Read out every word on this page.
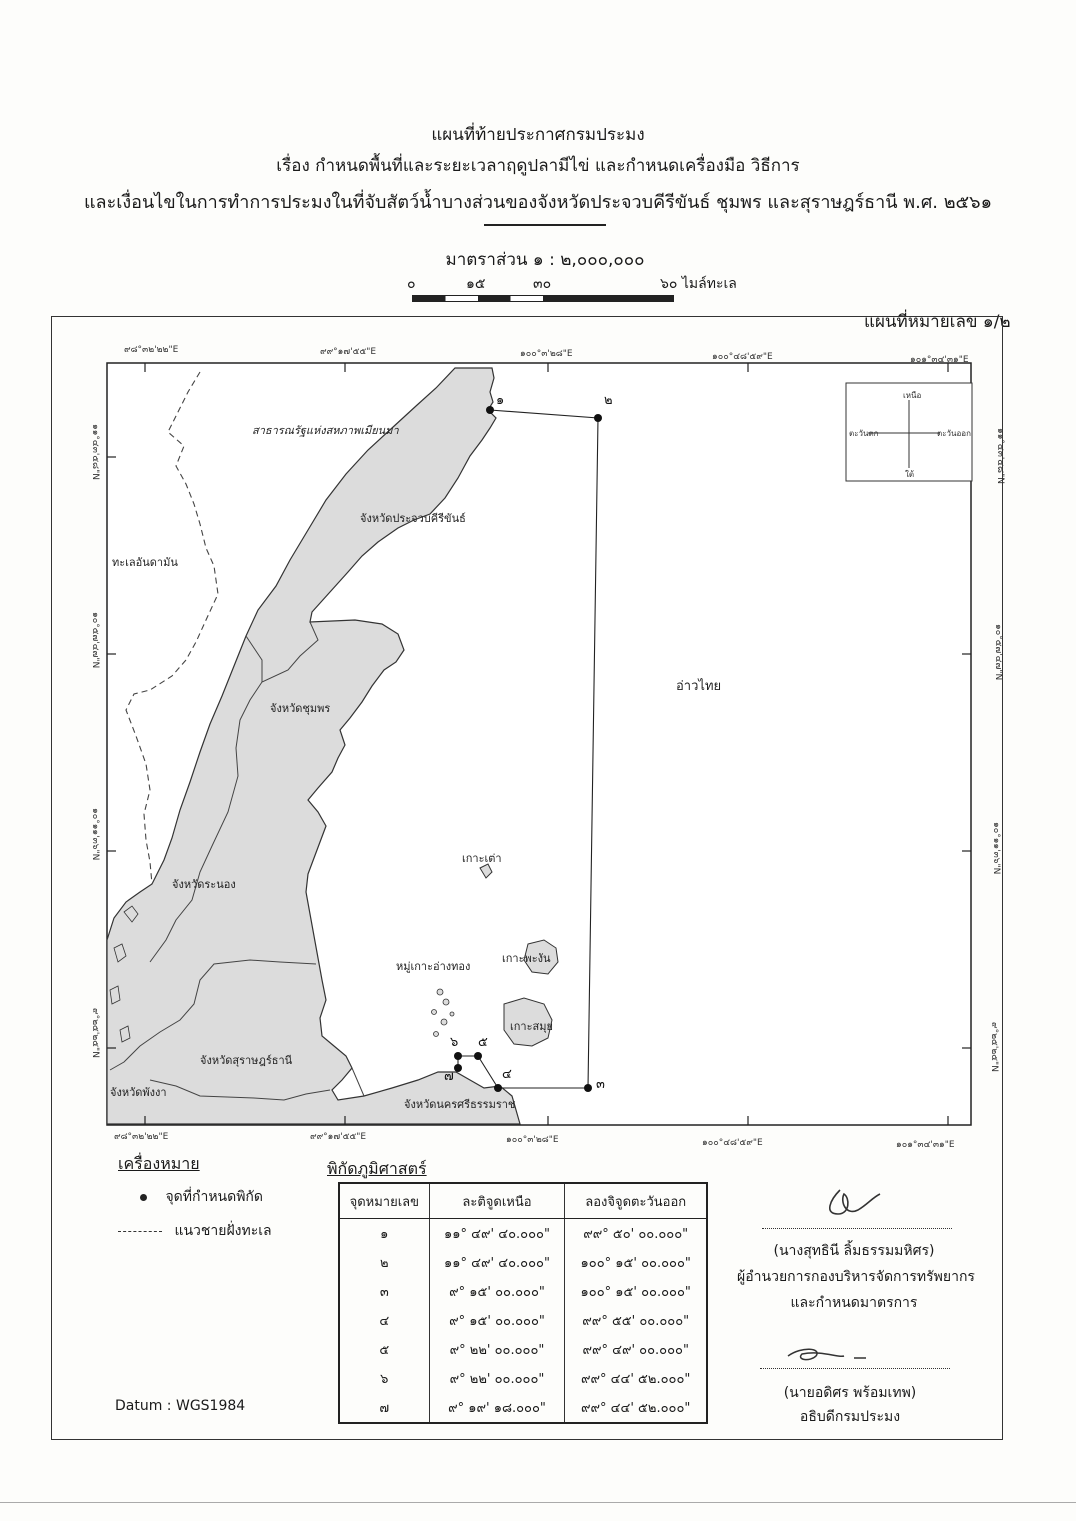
แผนที่ท้ายประกาศกรมประมง
เรื่อง กำหนดพื้นที่และระยะเวลาฤดูปลามีไข่ และกำหนดเครื่องมือ วิธีการ
และเงื่อนไขในการทำการประมงในที่จับสัตว์น้ำบางส่วนของจังหวัดประจวบคีรีขันธ์ ชุมพร และสุราษฎร์ธานี พ.ศ. ๒๕๖๑
มาตราส่วน ๑ : ๒,๐๐๐,๐๐๐
๐	๑๕	๓๐	๖๐ ไมล์ทะเล
แผนที่หมายเลข ๑/๒
๙๘°๓๒'๒๒"E	๙๙°๑๗'๕๕"E	๑๐๐°๓'๒๘"E	๑๐๐°๔๘'๕๙"E	๑๐๑°๓๔'๓๑"E
๙๘°๓๒'๒๒"E	๙๙°๑๗'๕๕"E	๑๐๐°๓'๒๘"E	๑๐๐°๔๘'๕๙"E	๑๐๑°๓๔'๓๑"E
๑๑°๔๓'๕๘"N
๑๐°๕๗'๔๗"N
๑๐°๑๑'๓๖"N
๙°๒๕'๒๕"N
๑๑°๔๓'๕๘"N
๑๐°๕๗'๔๗"N
๑๐°๑๑'๓๖"N
๙°๒๕'๒๕"N
เหนือ
ใต้
ตะวันตก	ตะวันออก
สาธารณรัฐแห่งสหภาพเมียนมา
ทะเลอันดามัน
จังหวัดประจวบคีรีขันธ์
จังหวัดชุมพร
จังหวัดระนอง
จังหวัดสุราษฎร์ธานี
จังหวัดพังงา
จังหวัดนครศรีธรรมราช
อ่าวไทย
เกาะเต่า
หมู่เกาะอ่างทอง
เกาะพะงัน
เกาะสมุย
๑	๒
๓
๔
๕
๖
๗
เครื่องหมาย
จุดที่กำหนดพิกัด
แนวชายฝั่งทะเล
พิกัดภูมิศาสตร์
จุดหมายเลข	ละติจูดเหนือ	ลองจิจูดตะวันออก
๑	๑๑° ๔๙' ๔๐.๐๐๐"	๙๙° ๕๐' ๐๐.๐๐๐"
๒	๑๑° ๔๙' ๔๐.๐๐๐"	๑๐๐° ๑๕' ๐๐.๐๐๐"
๓	๙° ๑๕' ๐๐.๐๐๐"	๑๐๐° ๑๕' ๐๐.๐๐๐"
๔	๙° ๑๕' ๐๐.๐๐๐"	๙๙° ๕๕' ๐๐.๐๐๐"
๕	๙° ๒๒' ๐๐.๐๐๐"	๙๙° ๔๙' ๐๐.๐๐๐"
๖	๙° ๒๒' ๐๐.๐๐๐"	๙๙° ๔๔' ๕๒.๐๐๐"
๗	๙° ๑๙' ๑๘.๐๐๐"	๙๙° ๔๔' ๕๒.๐๐๐"
Datum : WGS1984
(นางสุทธินี ลิ้มธรรมมหิศร)
ผู้อำนวยการกองบริหารจัดการทรัพยากร
และกำหนดมาตรการ
(นายอดิศร พร้อมเทพ)
อธิบดีกรมประมง
